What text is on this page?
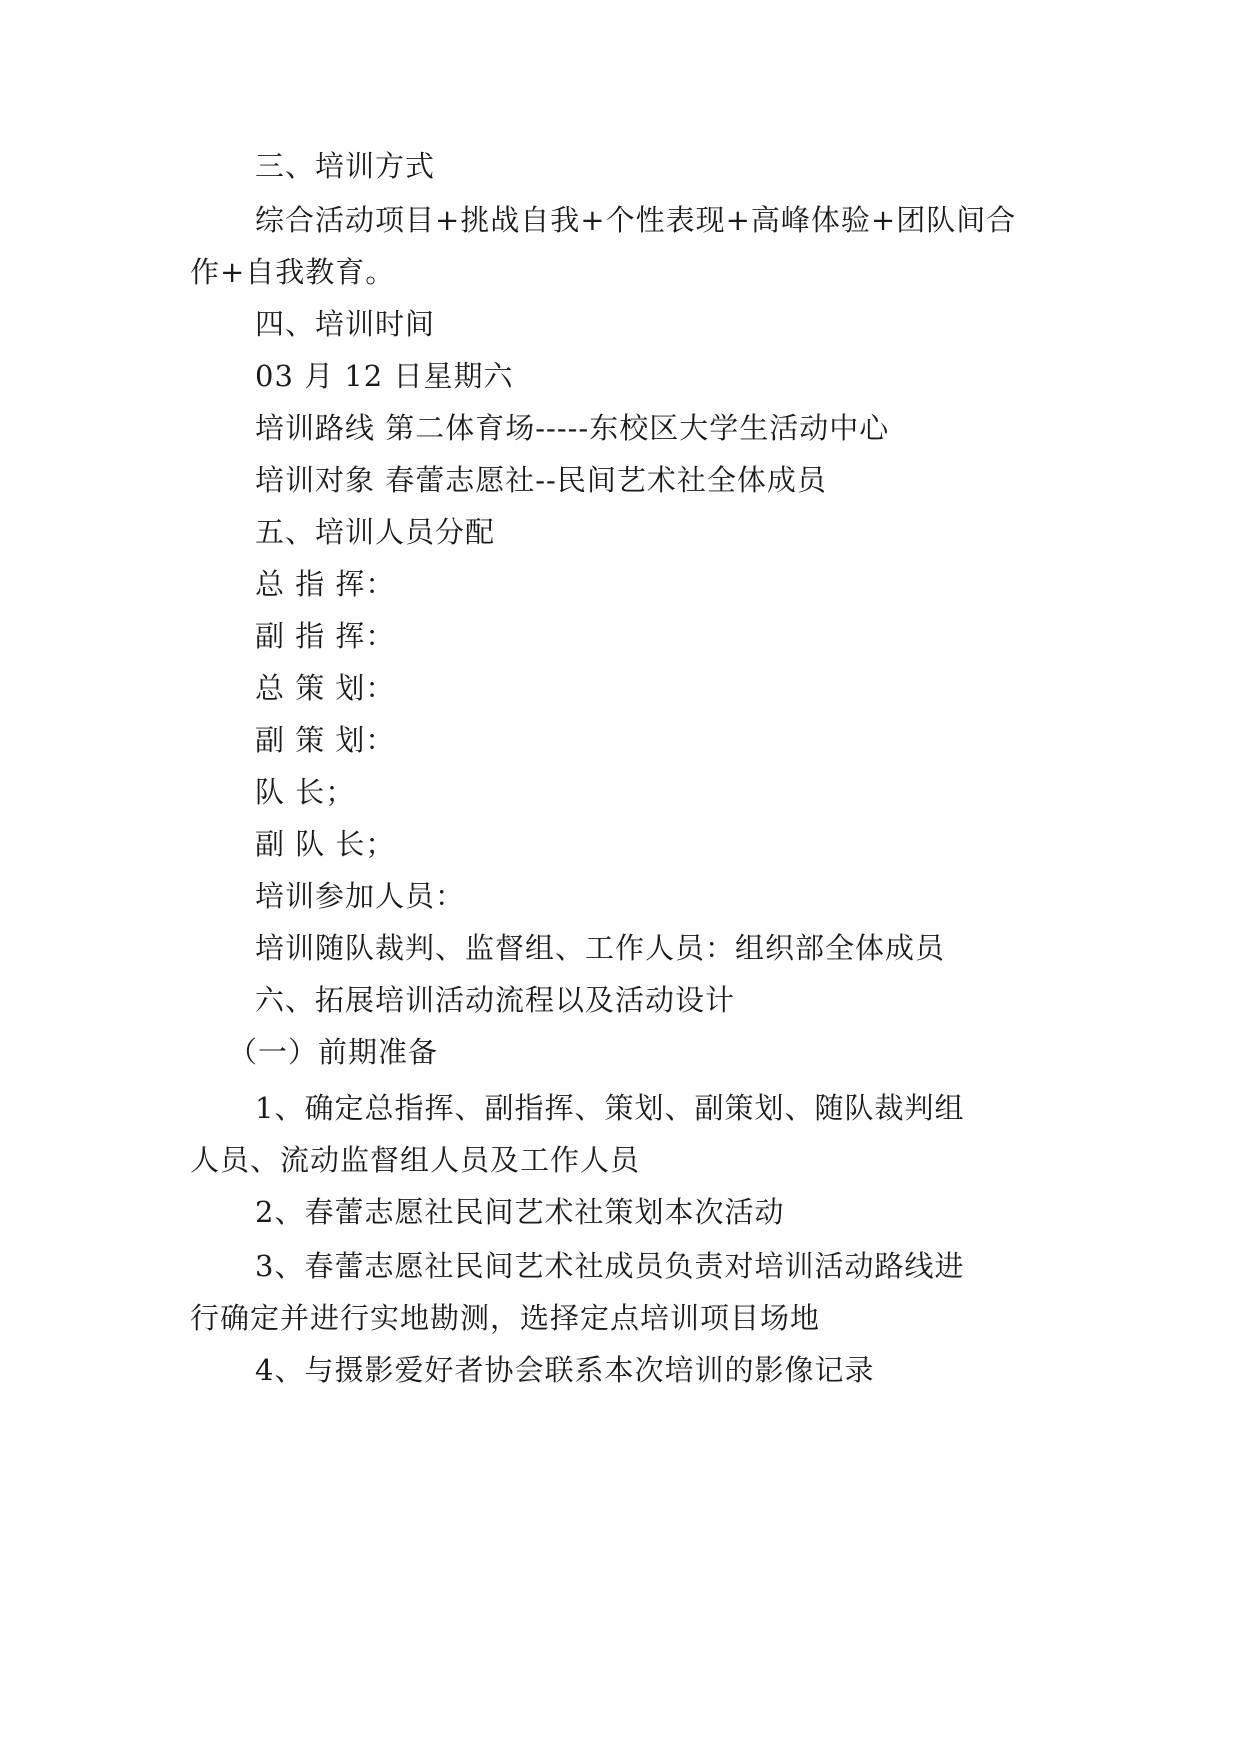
三、培训方式
综合活动项目+挑战自我+个性表现+高峰体验+团队间合
作+自我教育。
四、培训时间
03 月 12 日星期六
培训路线 第二体育场-----东校区大学生活动中心
培训对象 春蕾志愿社--民间艺术社全体成员
五、培训人员分配
总 指 挥：
副 指 挥：
总 策 划：
副 策 划：
队 长；
副 队 长；
培训参加人员：
培训随队裁判、监督组、工作人员：组织部全体成员
六、拓展培训活动流程以及活动设计
（一）前期准备
1、确定总指挥、副指挥、策划、副策划、随队裁判组
人员、流动监督组人员及工作人员
2、春蕾志愿社民间艺术社策划本次活动
3、春蕾志愿社民间艺术社成员负责对培训活动路线进
行确定并进行实地勘测，选择定点培训项目场地
4、与摄影爱好者协会联系本次培训的影像记录
